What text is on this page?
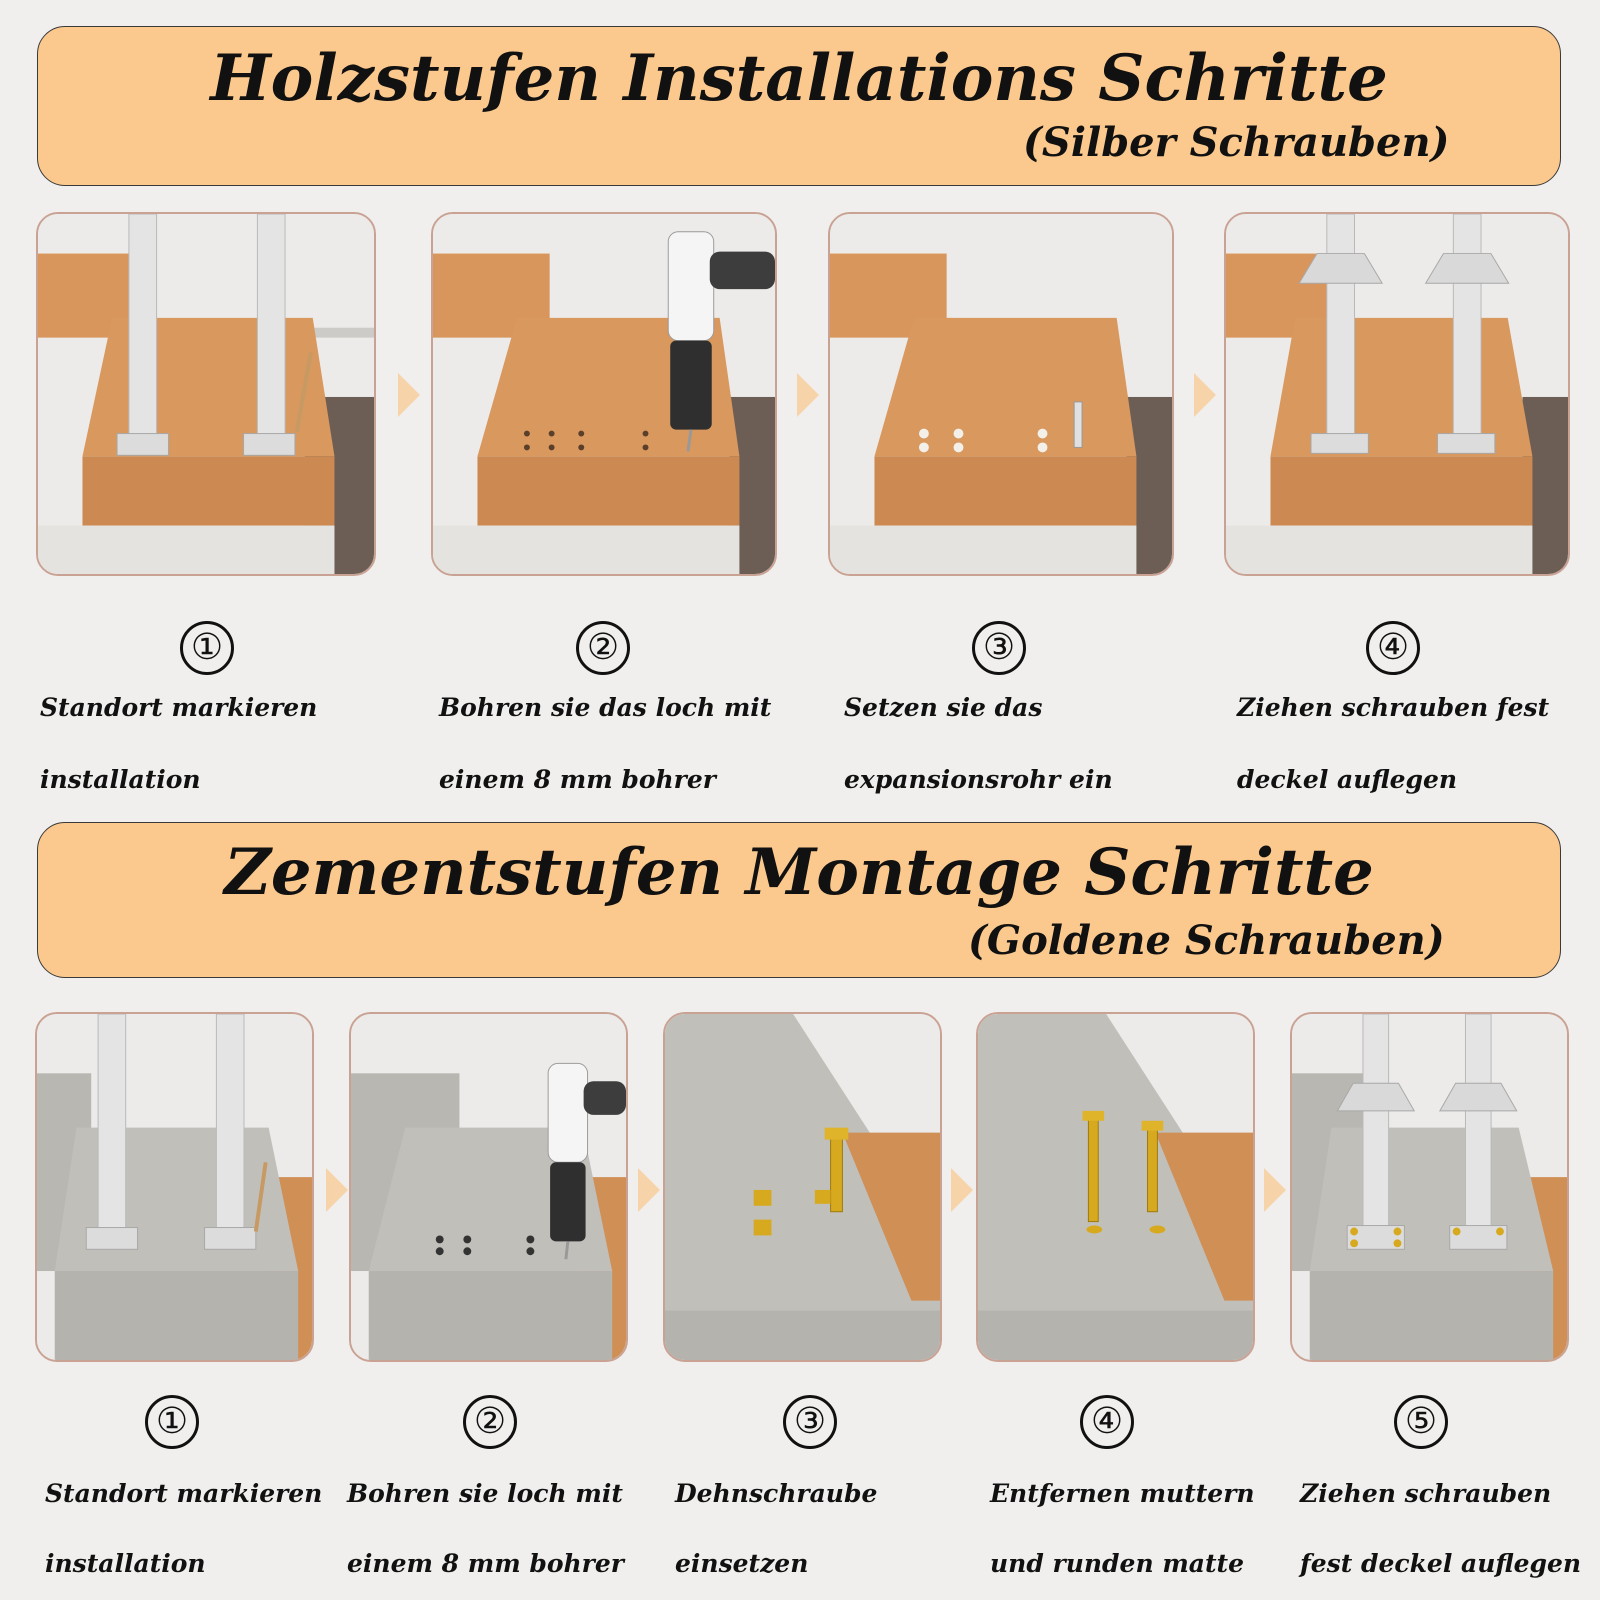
Holzstufen Installations Schritte
(Silber Schrauben)
①	②	③	④
Standort markieren
installation
Bohren sie das loch mit
einem 8 mm bohrer
Setzen sie das
expansionsrohr ein
Ziehen schrauben fest
deckel auflegen
Zementstufen Montage Schritte
(Goldene Schrauben)
①	②	③	④	⑤
Standort markieren
installation
Bohren sie loch mit
einem 8 mm bohrer
Dehnschraube
einsetzen
Entfernen muttern
und runden matte
Ziehen schrauben
fest deckel auflegen
